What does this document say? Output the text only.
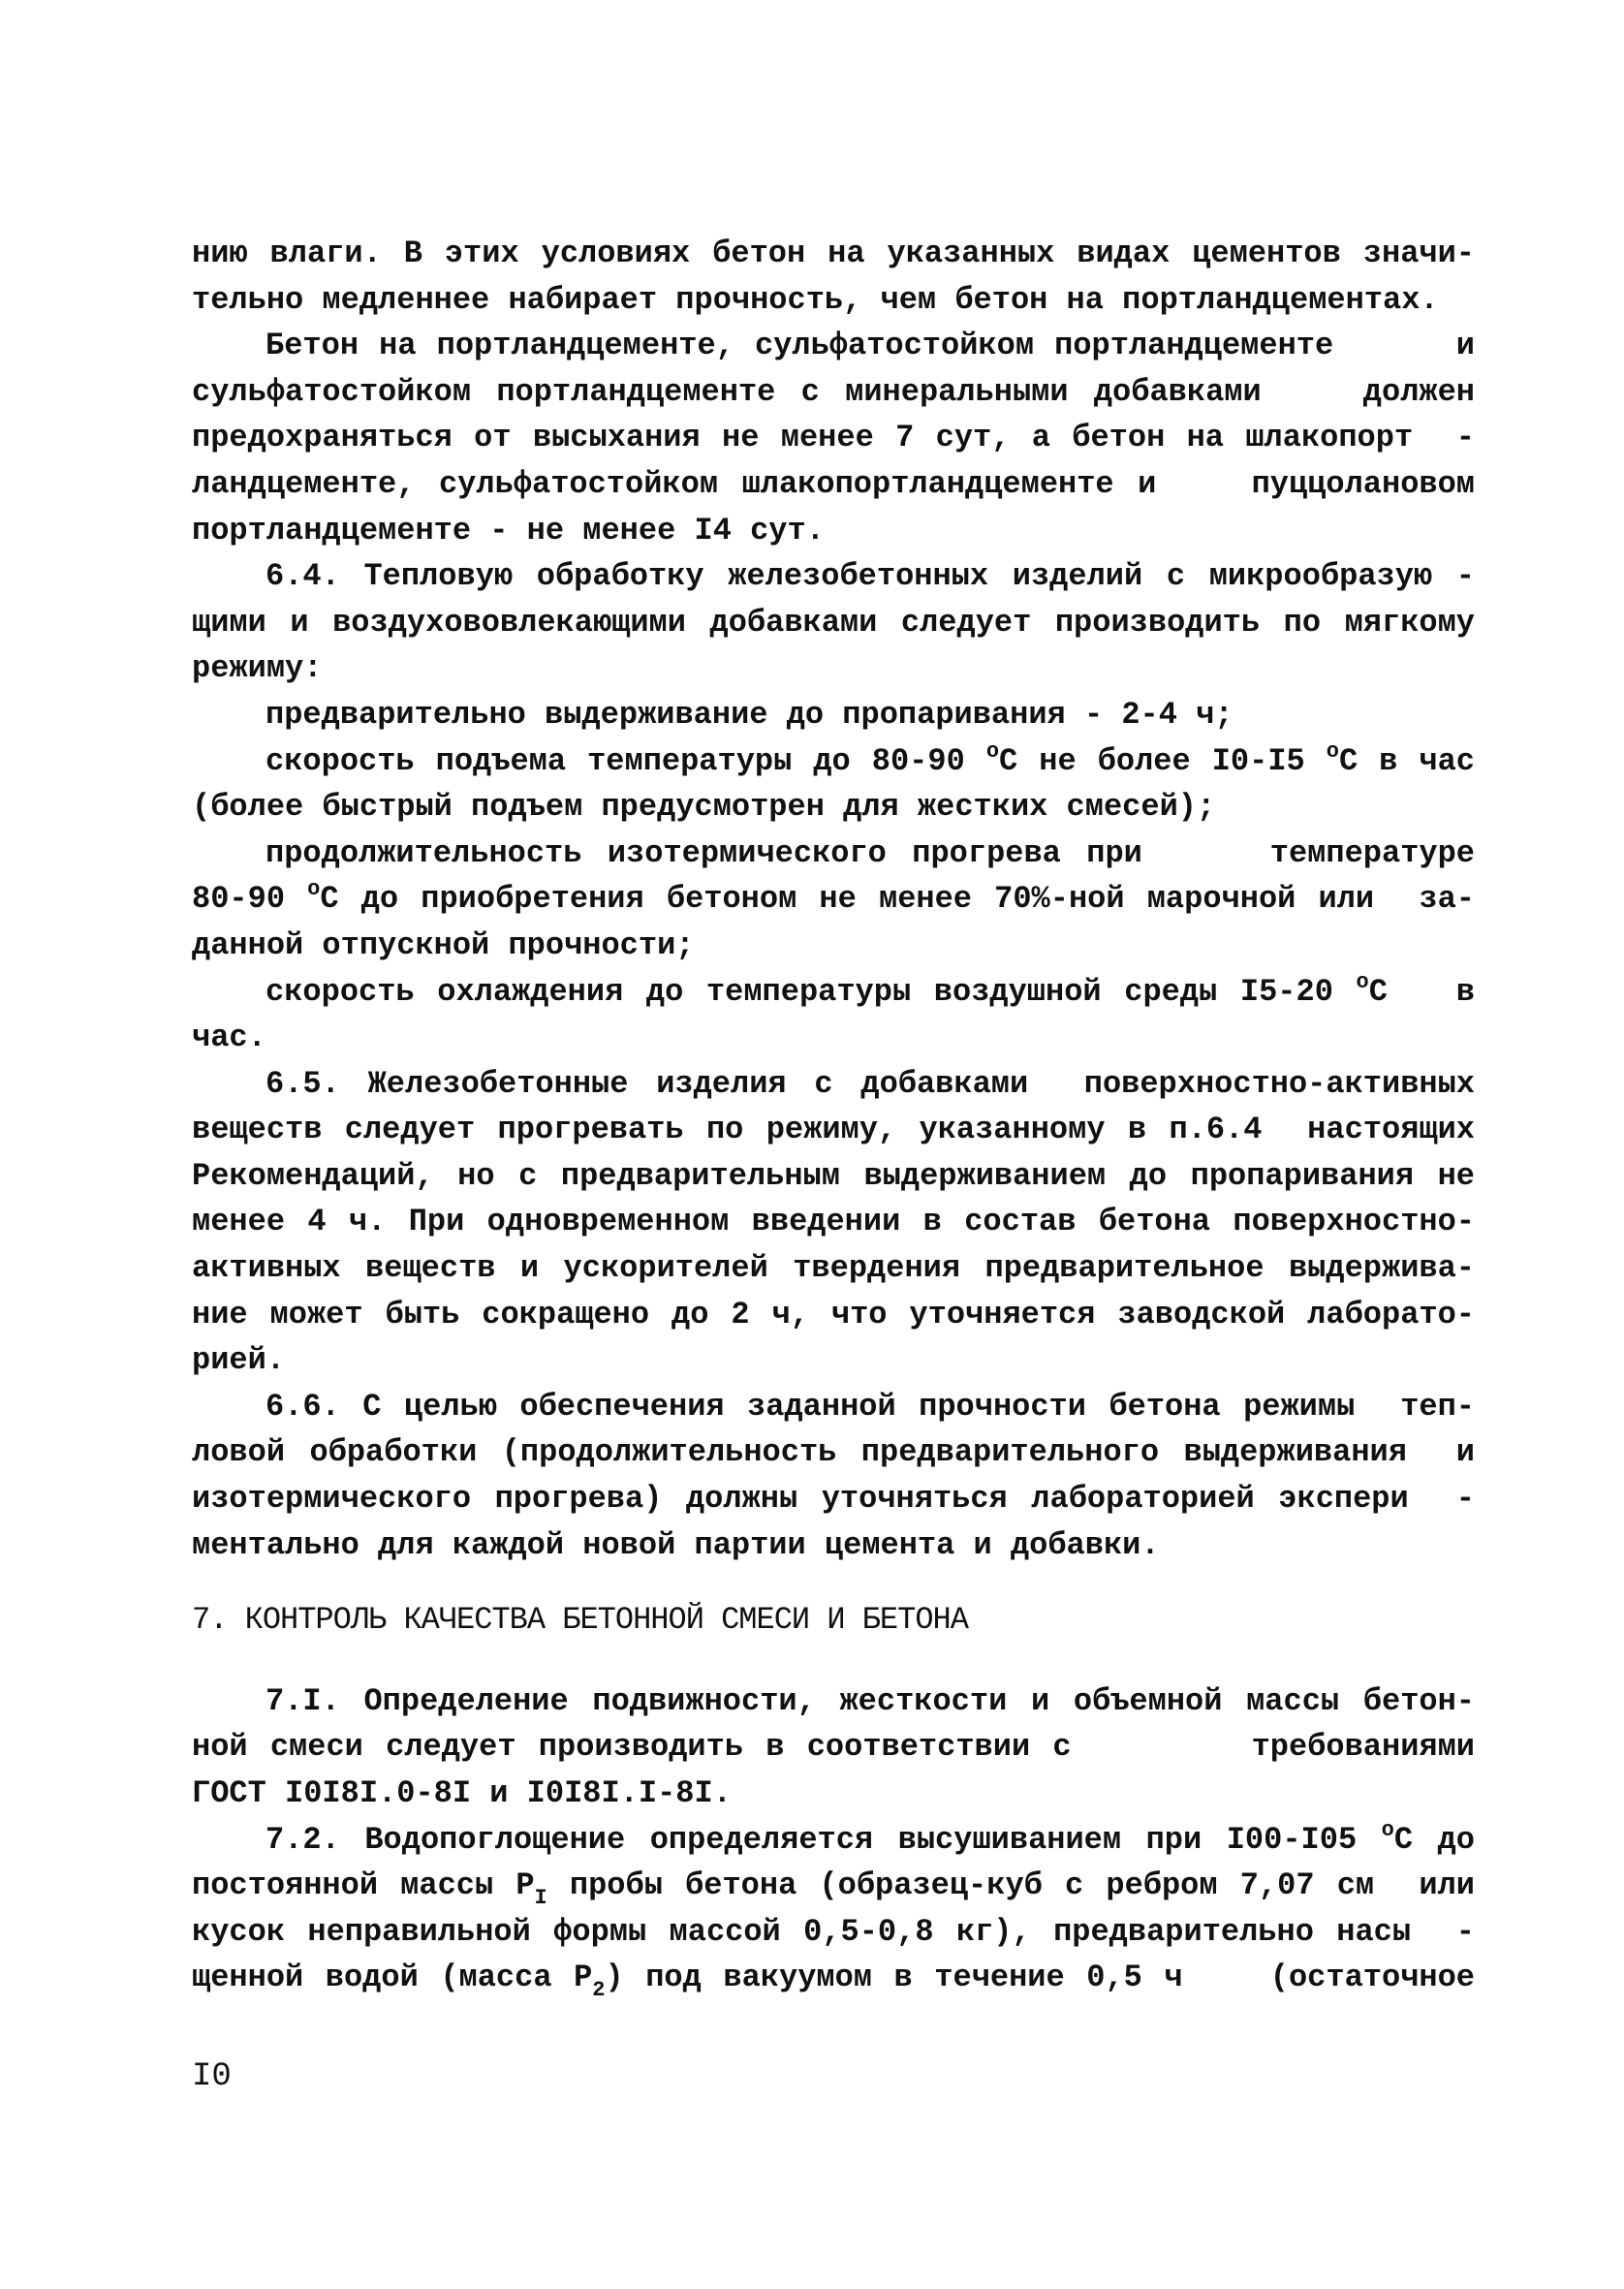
нию влаги. В этих условиях бетон на указанных видах цементов значи-
тельно медленнее набирает прочность, чем бетон на портландцементах.
Бетон на портландцементе, сульфатостойком портландцементе      и
сульфатостойком портландцементе с минеральными добавками    должен
предохраняться от высыхания не менее 7 сут, а бетон на шлакопорт  -
ландцементе, сульфатостойком шлакопортландцементе и    пуццолановом
портландцементе - не менее I4 сут.
6.4. Тепловую обработку железобетонных изделий с микрообразую -
щими и воздухововлекающими добавками следует производить по мягкому
режиму:
предварительно выдерживание до пропаривания - 2-4 ч;
скорость подъема температуры до 80-90 $^о$С не более I0-I5 $^о$С в час
(более быстрый подъем предусмотрен для жестких смесей);
продолжительность изотермического прогрева при     температуре
80-90 $^о$С до приобретения бетоном не менее 70%-ной марочной или  за-
данной отпускной прочности;
скорость охлаждения до температуры воздушной среды I5-20 $^о$С   в
час.
6.5. Железобетонные изделия с добавками  поверхностно-активных
веществ следует прогревать по режиму, указанному в п.6.4  настоящих
Рекомендаций, но с предварительным выдерживанием до пропаривания не
менее 4 ч. При одновременном введении в состав бетона поверхностно-
активных веществ и ускорителей твердения предварительное выдержива-
ние может быть сокращено до 2 ч, что уточняется заводской лаборато-
рией.
6.6. С целью обеспечения заданной прочности бетона режимы  теп-
ловой обработки (продолжительность предварительного выдерживания  и
изотермического прогрева) должны уточняться лабораторией экспери  -
ментально для каждой новой партии цемента и добавки.
7. КОНТРОЛЬ КАЧЕСТВА БЕТОННОЙ СМЕСИ И БЕТОНА
7.I. Определение подвижности, жесткости и объемной массы бетон-
ной смеси следует производить в соответствии с        требованиями
ГОСТ I0I8I.0-8I и I0I8I.I-8I.
7.2. Водопоглощение определяется высушиванием при I00-I05 $^о$С до
постоянной массы $Р_I$ пробы бетона (образец-куб с ребром 7,07 см  или
кусок неправильной формы массой 0,5-0,8 кг), предварительно насы  -
щенной водой (масса $Р_2$) под вакуумом в течение 0,5 ч    (остаточное
I0
